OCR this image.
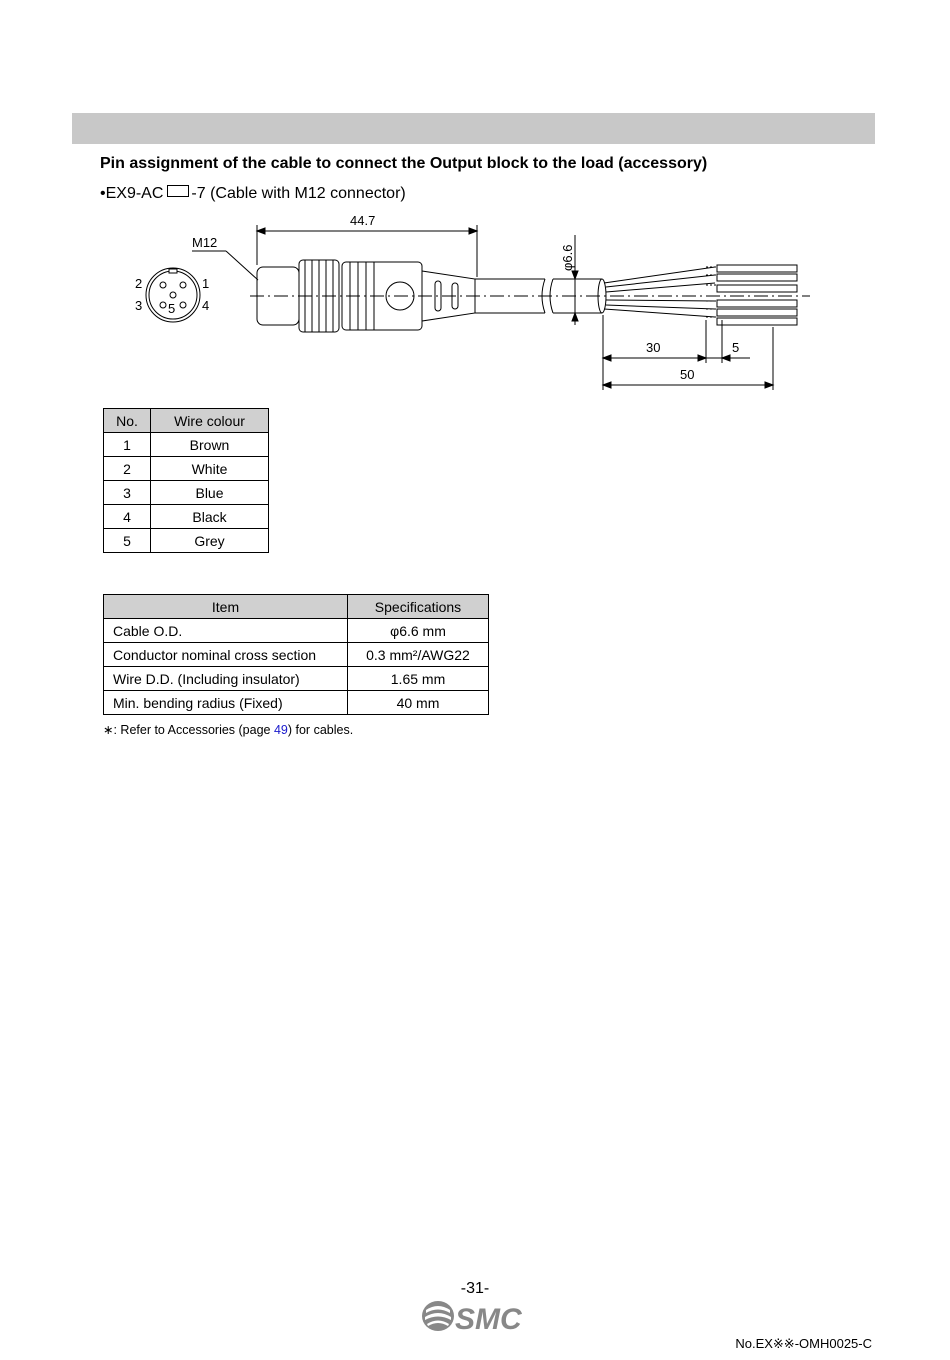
Pin assignment of the cable to connect the Output block to the load (accessory)
•EX9-AC -7 (Cable with M12 connector)
2	1
3	4
5
M12
44.7
φ6.6
30	5
50
No.	Wire colour
1	Brown
2	White
3	Blue
4	Black
5	Grey
Item	Specifications
Cable O.D.	φ6.6 mm
Conductor nominal cross section	0.3 mm²/AWG22
Wire D.D. (Including insulator)	1.65 mm
Min. bending radius (Fixed)	40 mm
∗: Refer to Accessories (page 49) for cables.
-31-
SMC
No.EX※※-OMH0025-C
